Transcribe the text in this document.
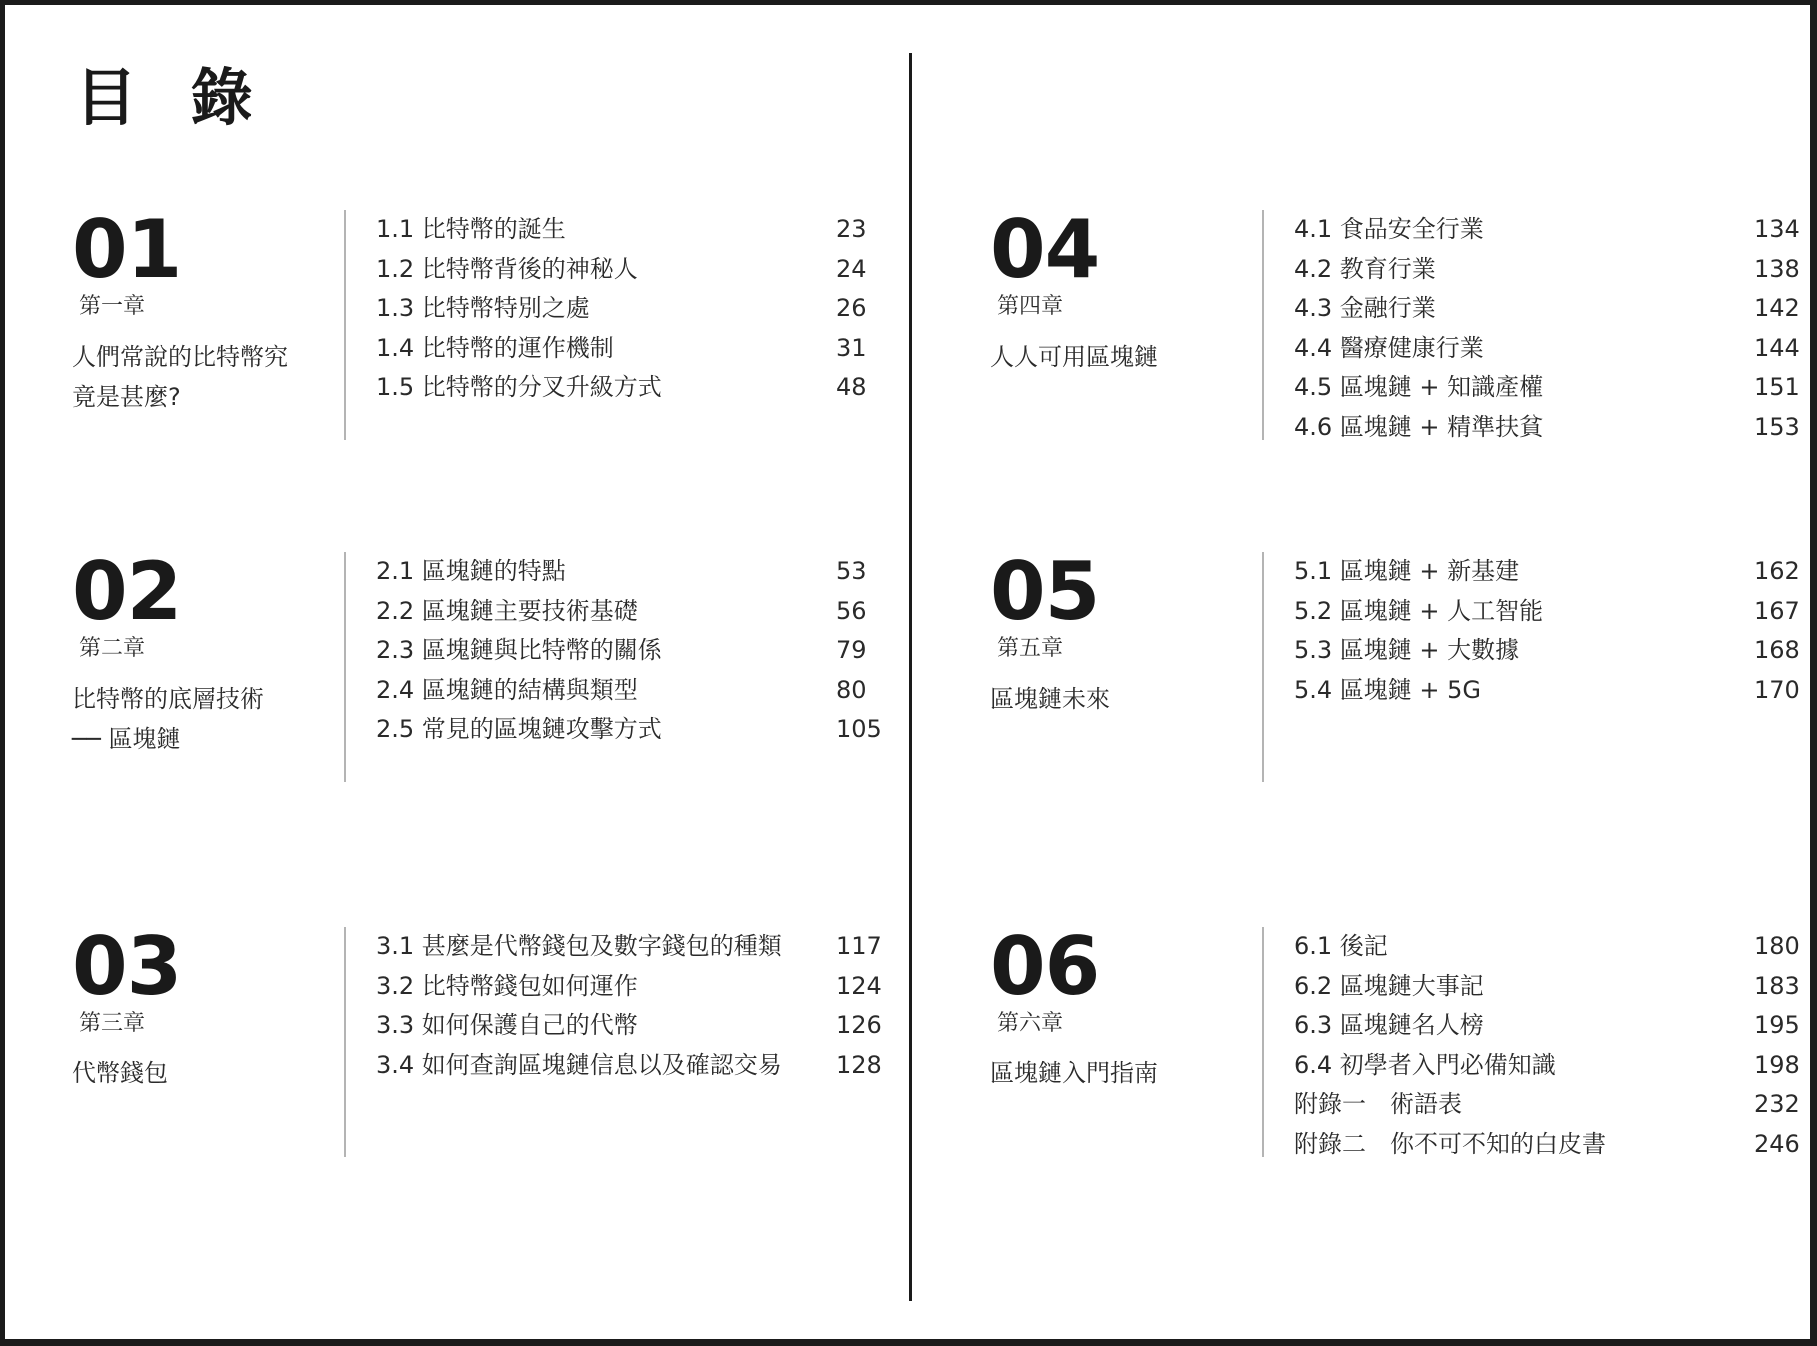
目 錄
01
第一章
人們常說的比特幣究
竟是甚麼?
1.1 比特幣的誕生	23
1.2 比特幣背後的神秘人	24
1.3 比特幣特別之處	26
1.4 比特幣的運作機制	31
1.5 比特幣的分叉升級方式	48
02
第二章
比特幣的底層技術
── 區塊鏈
2.1 區塊鏈的特點	53
2.2 區塊鏈主要技術基礎	56
2.3 區塊鏈與比特幣的關係	79
2.4 區塊鏈的結構與類型	80
2.5 常見的區塊鏈攻擊方式	105
03
第三章
代幣錢包
3.1 甚麼是代幣錢包及數字錢包的種類 117
3.2 比特幣錢包如何運作	124
3.3 如何保護自己的代幣	126
3.4 如何查詢區塊鏈信息以及確認交易 128
04
第四章
人人可用區塊鏈
4.1 食品安全行業	134
4.2 教育行業	138
4.3 金融行業	142
4.4 醫療健康行業	144
4.5 區塊鏈 + 知識產權	151
4.6 區塊鏈 + 精準扶貧	153
05
第五章
區塊鏈未來
5.1 區塊鏈 + 新基建	162
5.2 區塊鏈 + 人工智能	167
5.3 區塊鏈 + 大數據	168
5.4 區塊鏈 + 5G	170
06
第六章
區塊鏈入門指南
6.1 後記	180
6.2 區塊鏈大事記	183
6.3 區塊鏈名人榜	195
6.4 初學者入門必備知識	198
附錄一　術語表	232
附錄二　你不可不知的白皮書	246
